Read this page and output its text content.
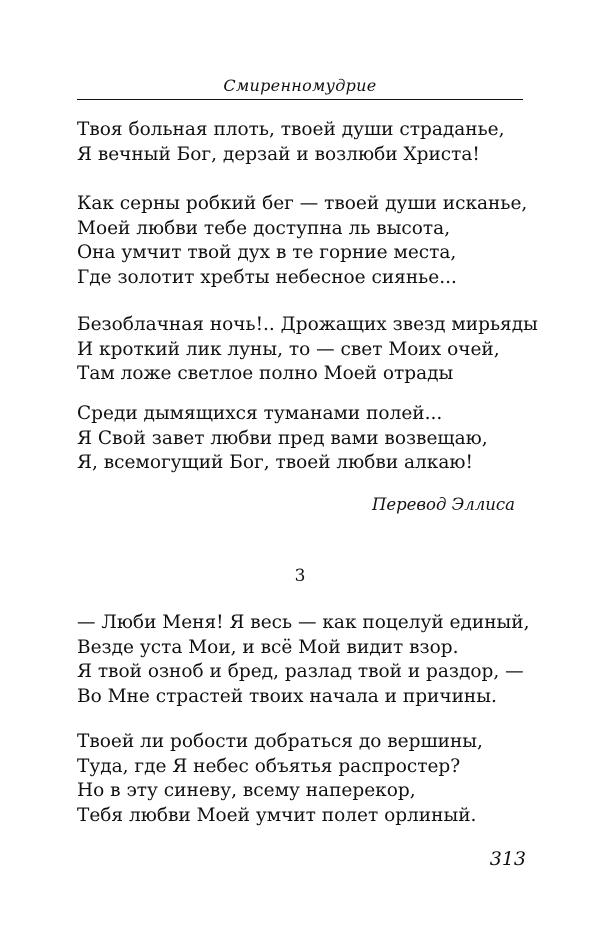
Смиренномудрие
Твоя больная плоть, твоей души страданье,
Я вечный Бог, дерзай и возлюби Христа!
Как серны робкий бег — твоей души исканье,
Моей любви тебе доступна ль высота,
Она умчит твой дух в те горние места,
Где золотит хребты небесное сиянье...
Безоблачная ночь!.. Дрожащих звезд мирьяды
И кроткий лик луны, то — свет Моих очей,
Там ложе светлое полно Моей отрады
Среди дымящихся туманами полей...
Я Свой завет любви пред вами возвещаю,
Я, всемогущий Бог, твоей любви алкаю!
Перевод Эллиса
3
— Люби Меня! Я весь — как поцелуй единый,
Везде уста Мои, и всё Мой видит взор.
Я твой озноб и бред, разлад твой и раздор, —
Во Мне страстей твоих начала и причины.
Твоей ли робости добраться до вершины,
Туда, где Я небес объятья распростер?
Но в эту синеву, всему наперекор,
Тебя любви Моей умчит полет орлиный.
313
